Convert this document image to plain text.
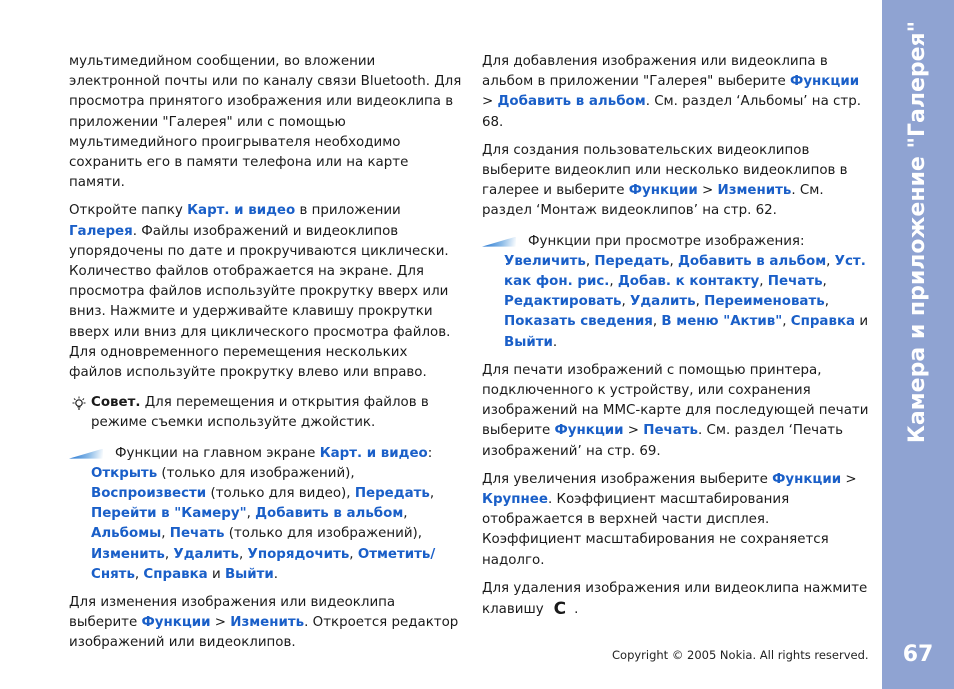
мультимедийном сообщении, во вложении электронной почты или по каналу связи Bluetooth. Для просмотра принятого изображения или видеоклипа в приложении "Галерея" или с помощью мультимедийного проигрывателя необходимо сохранить его в памяти телефона или на карте памяти.

Откройте папку Карт. и видео в приложении Галерея. Файлы изображений и видеоклипов упорядочены по дате и прокручиваются циклически. Количество файлов отображается на экране. Для просмотра файлов используйте прокрутку вверх или вниз. Нажмите и удерживайте клавишу прокрутки вверх или вниз для циклического просмотра файлов. Для одновременного перемещения нескольких файлов используйте прокрутку влево или вправо.

Совет. Для перемещения и открытия файлов в режиме съемки используйте джойстик.
Функции на главном экране Карт. и видео: Открыть (только для изображений), Воспроизвести (только для видео), Передать, Перейти в "Камеру", Добавить в альбом, Альбомы, Печать (только для изображений), Изменить, Удалить, Упорядочить, Отметить/Снять, Справка и Выйти.

Для изменения изображения или видеоклипа выберите Функции > Изменить. Откроется редактор изображений или видеоклипов.

Для добавления изображения или видеоклипа в альбом в приложении "Галерея" выберите Функции > Добавить в альбом. См. раздел ‘Альбомы’ на стр. 68.

Для создания пользовательских видеоклипов выберите видеоклип или несколько видеоклипов в галерее и выберите Функции > Изменить. См. раздел ‘Монтаж видеоклипов’ на стр. 62.

Функции при просмотре изображения: Увеличить, Передать, Добавить в альбом, Уст. как фон. рис., Добав. к контакту, Печать, Редактировать, Удалить, Переименовать, Показать сведения, В меню "Актив", Справка и Выйти.

Для печати изображений с помощью принтера, подключенного к устройству, или сохранения изображений на MMC-карте для последующей печати выберите Функции > Печать. См. раздел ‘Печать изображений’ на стр. 69.

Для увеличения изображения выберите Функции > Крупнее. Коэффициент масштабирования отображается в верхней части дисплея. Коэффициент масштабирования не сохраняется надолго.

Для удаления изображения или видеоклипа нажмите клавишу C .

Copyright © 2005 Nokia. All rights reserved.
Камера и приложение "Галерея"
67
